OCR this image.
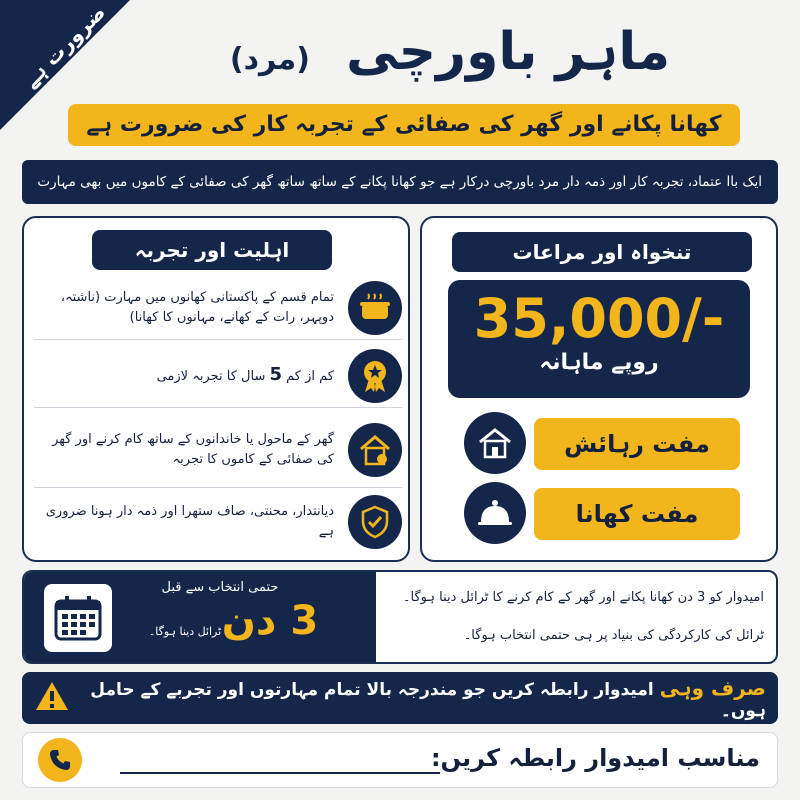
ضرورت ہے	ماہر باورچی (مرد)
کھانا پکانے اور گھر کی صفائی کے تجربہ کار کی ضرورت ہے
ایک باا عتماد، تجربہ کار اور ذمہ دار مرد باورچی درکار ہے جو کھانا پکانے کے ساتھ ساتھ گھر کی صفائی کے کاموں میں بھی مہارت
اہلیت اور تجربہ
تمام قسم کے پاکستانی کھانوں میں مہارت (ناشتہ، دوپہر، رات کے کھانے، مہانوں کا کھانا)
کم از کم 5 سال کا تجربہ لازمی
گھر کے ماحول یا خاندانوں کے ساتھ کام کرنے اور گھر کی صفائی کے کاموں کا تجربہ
دیانتدار، محنتی، صاف ستھرا اور ذمہ دار ہونا ضروری ہے
تنخواہ اور مراعات
35,000/-
روپے ماہانہ
مفت رہائش
مفت کھانا
حتمی انتخاب سے قبل
3 دن
ٹرائل دینا ہوگا۔
امیدوار کو 3 دن کھانا پکانے اور گھر کے کام کرنے کا ٹرائل دینا ہوگا۔
ٹرائل کی کارکردگی کی بنیاد پر ہی حتمی انتخاب ہوگا۔
صرف وہی امیدوار رابطہ کریں جو مندرجہ بالا تمام مہارتوں اور تجربے کے حامل ہوں۔
مناسب امیدوار رابطہ کریں:
